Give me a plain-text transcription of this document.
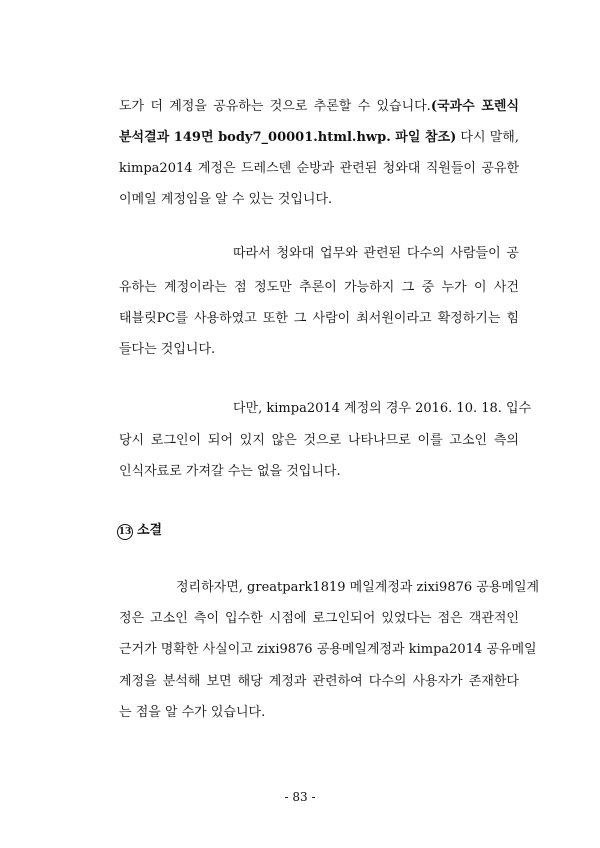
도가 더 계정을 공유하는 것으로 추론할 수 있습니다.(국과수 포렌식
분석결과 149면 body7_00001.html.hwp. 파일 참조) 다시 말해,
kimpa2014 계정은 드레스덴 순방과 관련된 청와대 직원들이 공유한
이메일 계정임을 알 수 있는 것입니다.
따라서 청와대 업무와 관련된 다수의 사람들이 공
유하는 계정이라는 점 정도만 추론이 가능하지 그 중 누가 이 사건
태블릿PC를 사용하였고 또한 그 사람이 최서원이라고 확정하기는 힘
들다는 것입니다.
다만, kimpa2014 계정의 경우 2016. 10. 18. 입수
당시 로그인이 되어 있지 않은 것으로 나타나므로 이를 고소인 측의
인식자료로 가져갈 수는 없을 것입니다.
13 소결
정리하자면, greatpark1819 메일계정과 zixi9876 공용메일계
정은 고소인 측이 입수한 시점에 로그인되어 있었다는 점은 객관적인
근거가 명확한 사실이고 zixi9876 공용메일계정과 kimpa2014 공유메일
계정을 분석해 보면 해당 계정과 관련하여 다수의 사용자가 존재한다
는 점을 알 수가 있습니다.
- 83 -
